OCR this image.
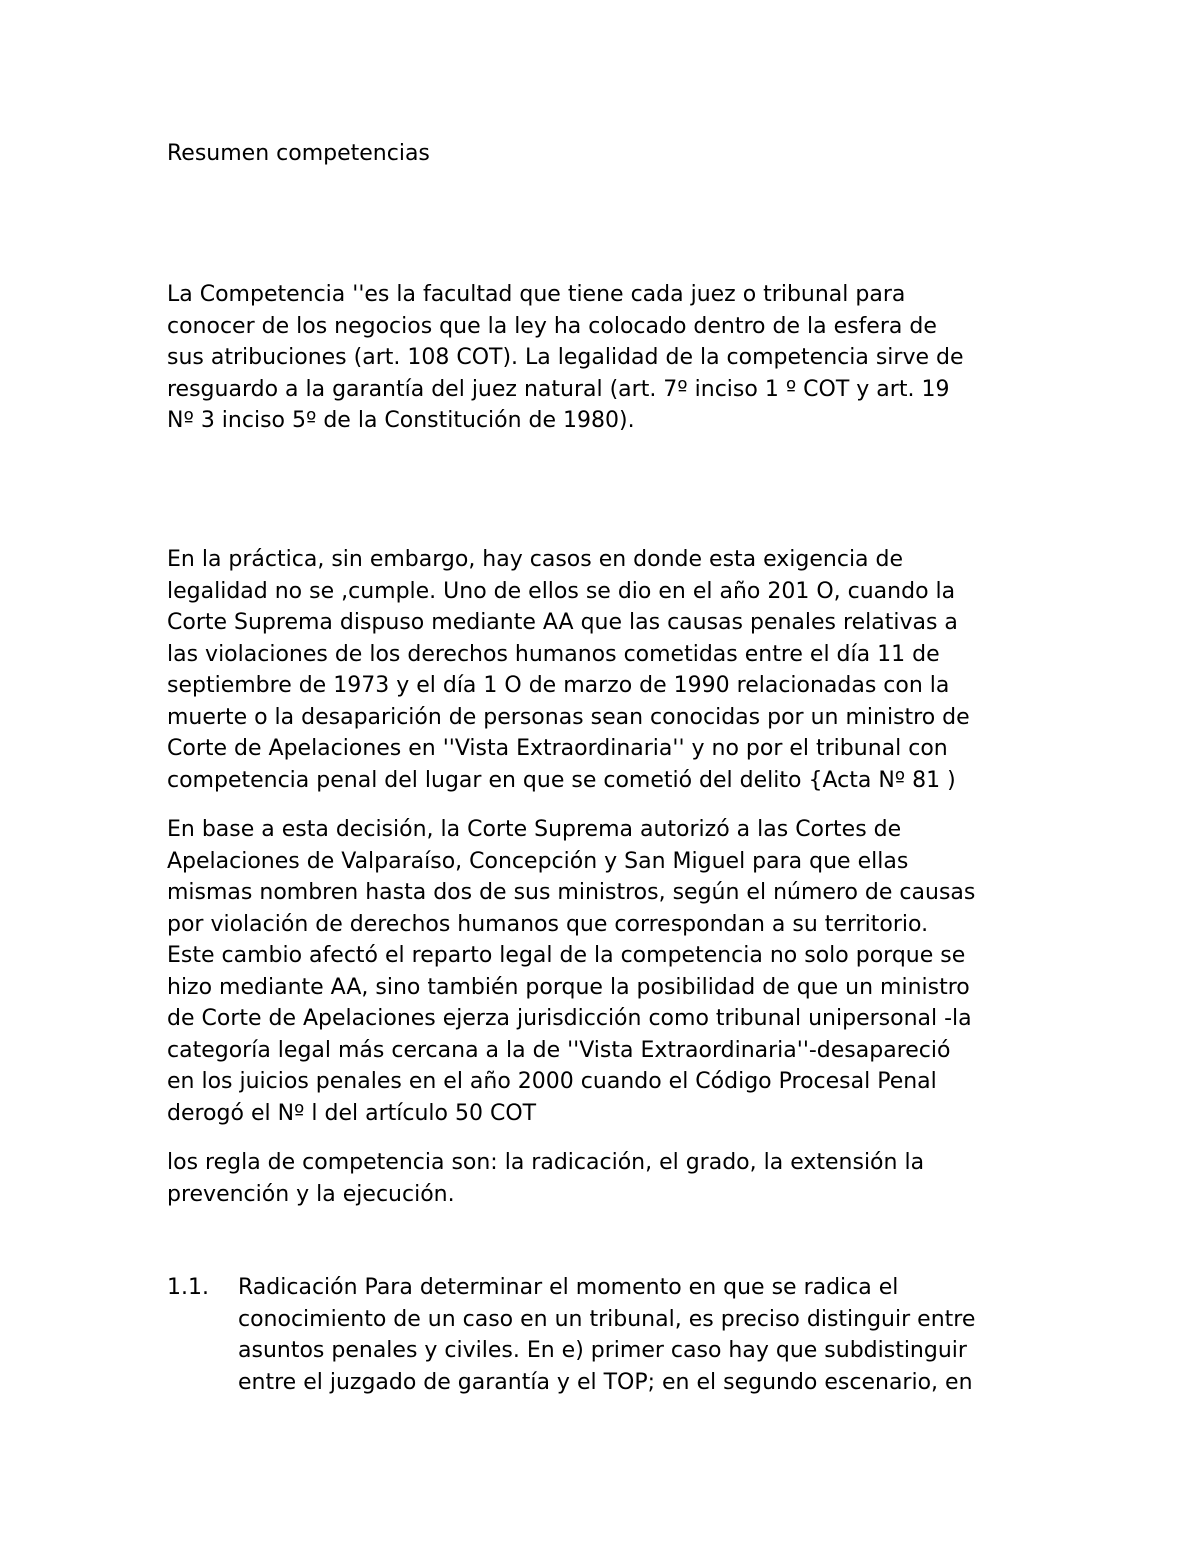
Resumen competencias
La Competencia ''es la facultad que tiene cada juez o tribunal para
conocer de los negocios que la ley ha colocado dentro de la esfera de
sus atribuciones (art. 108 COT). La legalidad de la competencia sirve de
resguardo a la garantía del juez natural (art. 7º inciso 1 º COT y art. 19
Nº 3 inciso 5º de la Constitución de 1980).
En la práctica, sin embargo, hay casos en donde esta exigencia de
legalidad no se ,cumple. Uno de ellos se dio en el año 201 O, cuando la
Corte Suprema dispuso mediante AA que las causas penales relativas a
las violaciones de los derechos humanos cometidas entre el día 11 de
septiembre de 1973 y el día 1 O de marzo de 1990 relacionadas con la
muerte o la desaparición de personas sean conocidas por un ministro de
Corte de Apelaciones en ''Vista Extraordinaria'' y no por el tribunal con
competencia penal del lugar en que se cometió del delito {Acta Nº 81 )
En base a esta decisión, la Corte Suprema autorizó a las Cortes de
Apelaciones de Valparaíso, Concepción y San Miguel para que ellas
mismas nombren hasta dos de sus ministros, según el número de causas
por violación de derechos humanos que correspondan a su territorio.
Este cambio afectó el reparto legal de la competencia no solo porque se
hizo mediante AA, sino también porque la posibilidad de que un ministro
de Corte de Apelaciones ejerza jurisdicción como tribunal unipersonal -la
categoría legal más cercana a la de ''Vista Extraordinaria''-desapareció
en los juicios penales en el año 2000 cuando el Código Procesal Penal
derogó el Nº l del artículo 50 COT
los regla de competencia son: la radicación, el grado, la extensión la
prevención y la ejecución.
1.1. Radicación Para determinar el momento en que se radica el
conocimiento de un caso en un tribunal, es preciso distinguir entre
asuntos penales y civiles. En e) primer caso hay que subdistinguir
entre el juzgado de garantía y el TOP; en el segundo escenario, en
